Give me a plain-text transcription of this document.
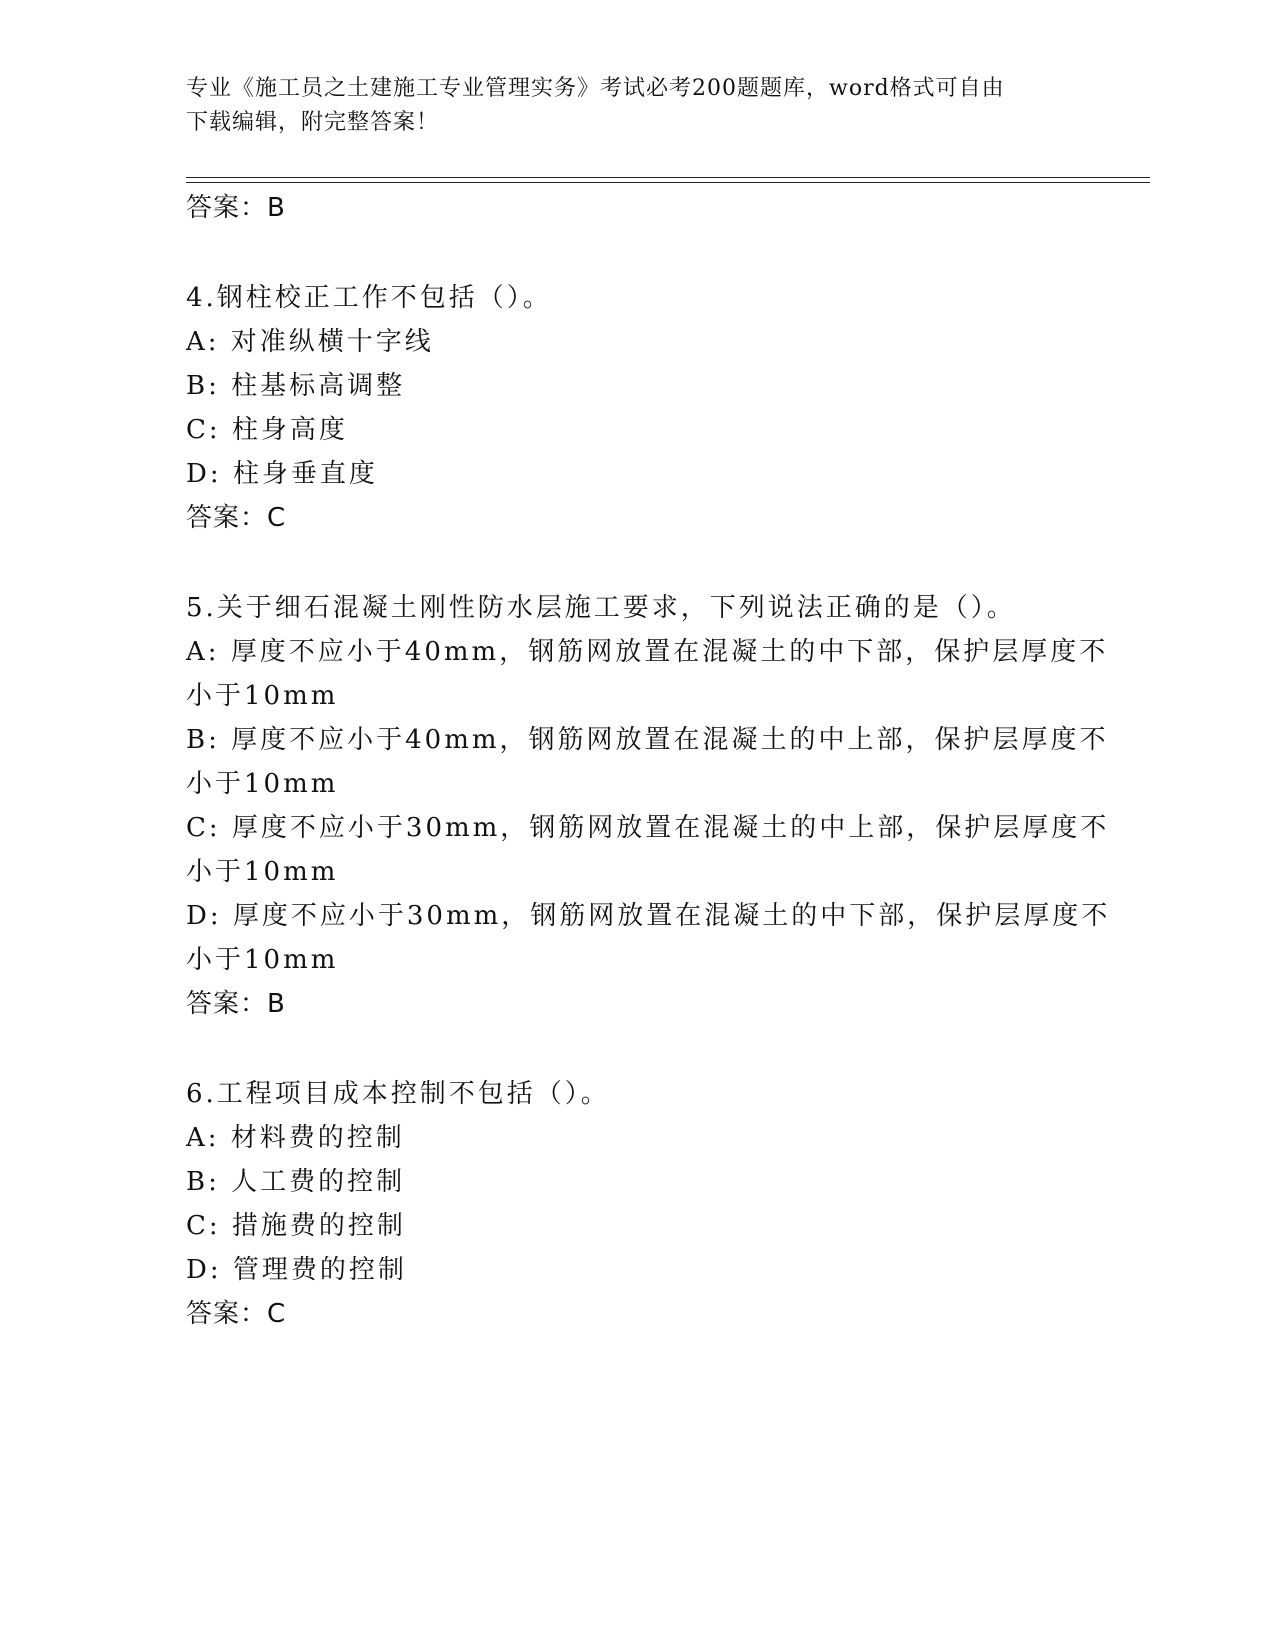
专业《施工员之土建施工专业管理实务》考试必考200题题库，word格式可自由
下载编辑，附完整答案！
答案：B
4.钢柱校正工作不包括（）。
A: 对准纵横十字线
B: 柱基标高调整
C: 柱身高度
D: 柱身垂直度
答案：C
5.关于细石混凝土刚性防水层施工要求，下列说法正确的是（）。
A: 厚度不应小于40mm，钢筋网放置在混凝土的中下部，保护层厚度不
小于10mm
B: 厚度不应小于40mm，钢筋网放置在混凝土的中上部，保护层厚度不
小于10mm
C: 厚度不应小于30mm，钢筋网放置在混凝土的中上部，保护层厚度不
小于10mm
D: 厚度不应小于30mm，钢筋网放置在混凝土的中下部，保护层厚度不
小于10mm
答案：B
6.工程项目成本控制不包括（）。
A: 材料费的控制
B: 人工费的控制
C: 措施费的控制
D: 管理费的控制
答案：C
